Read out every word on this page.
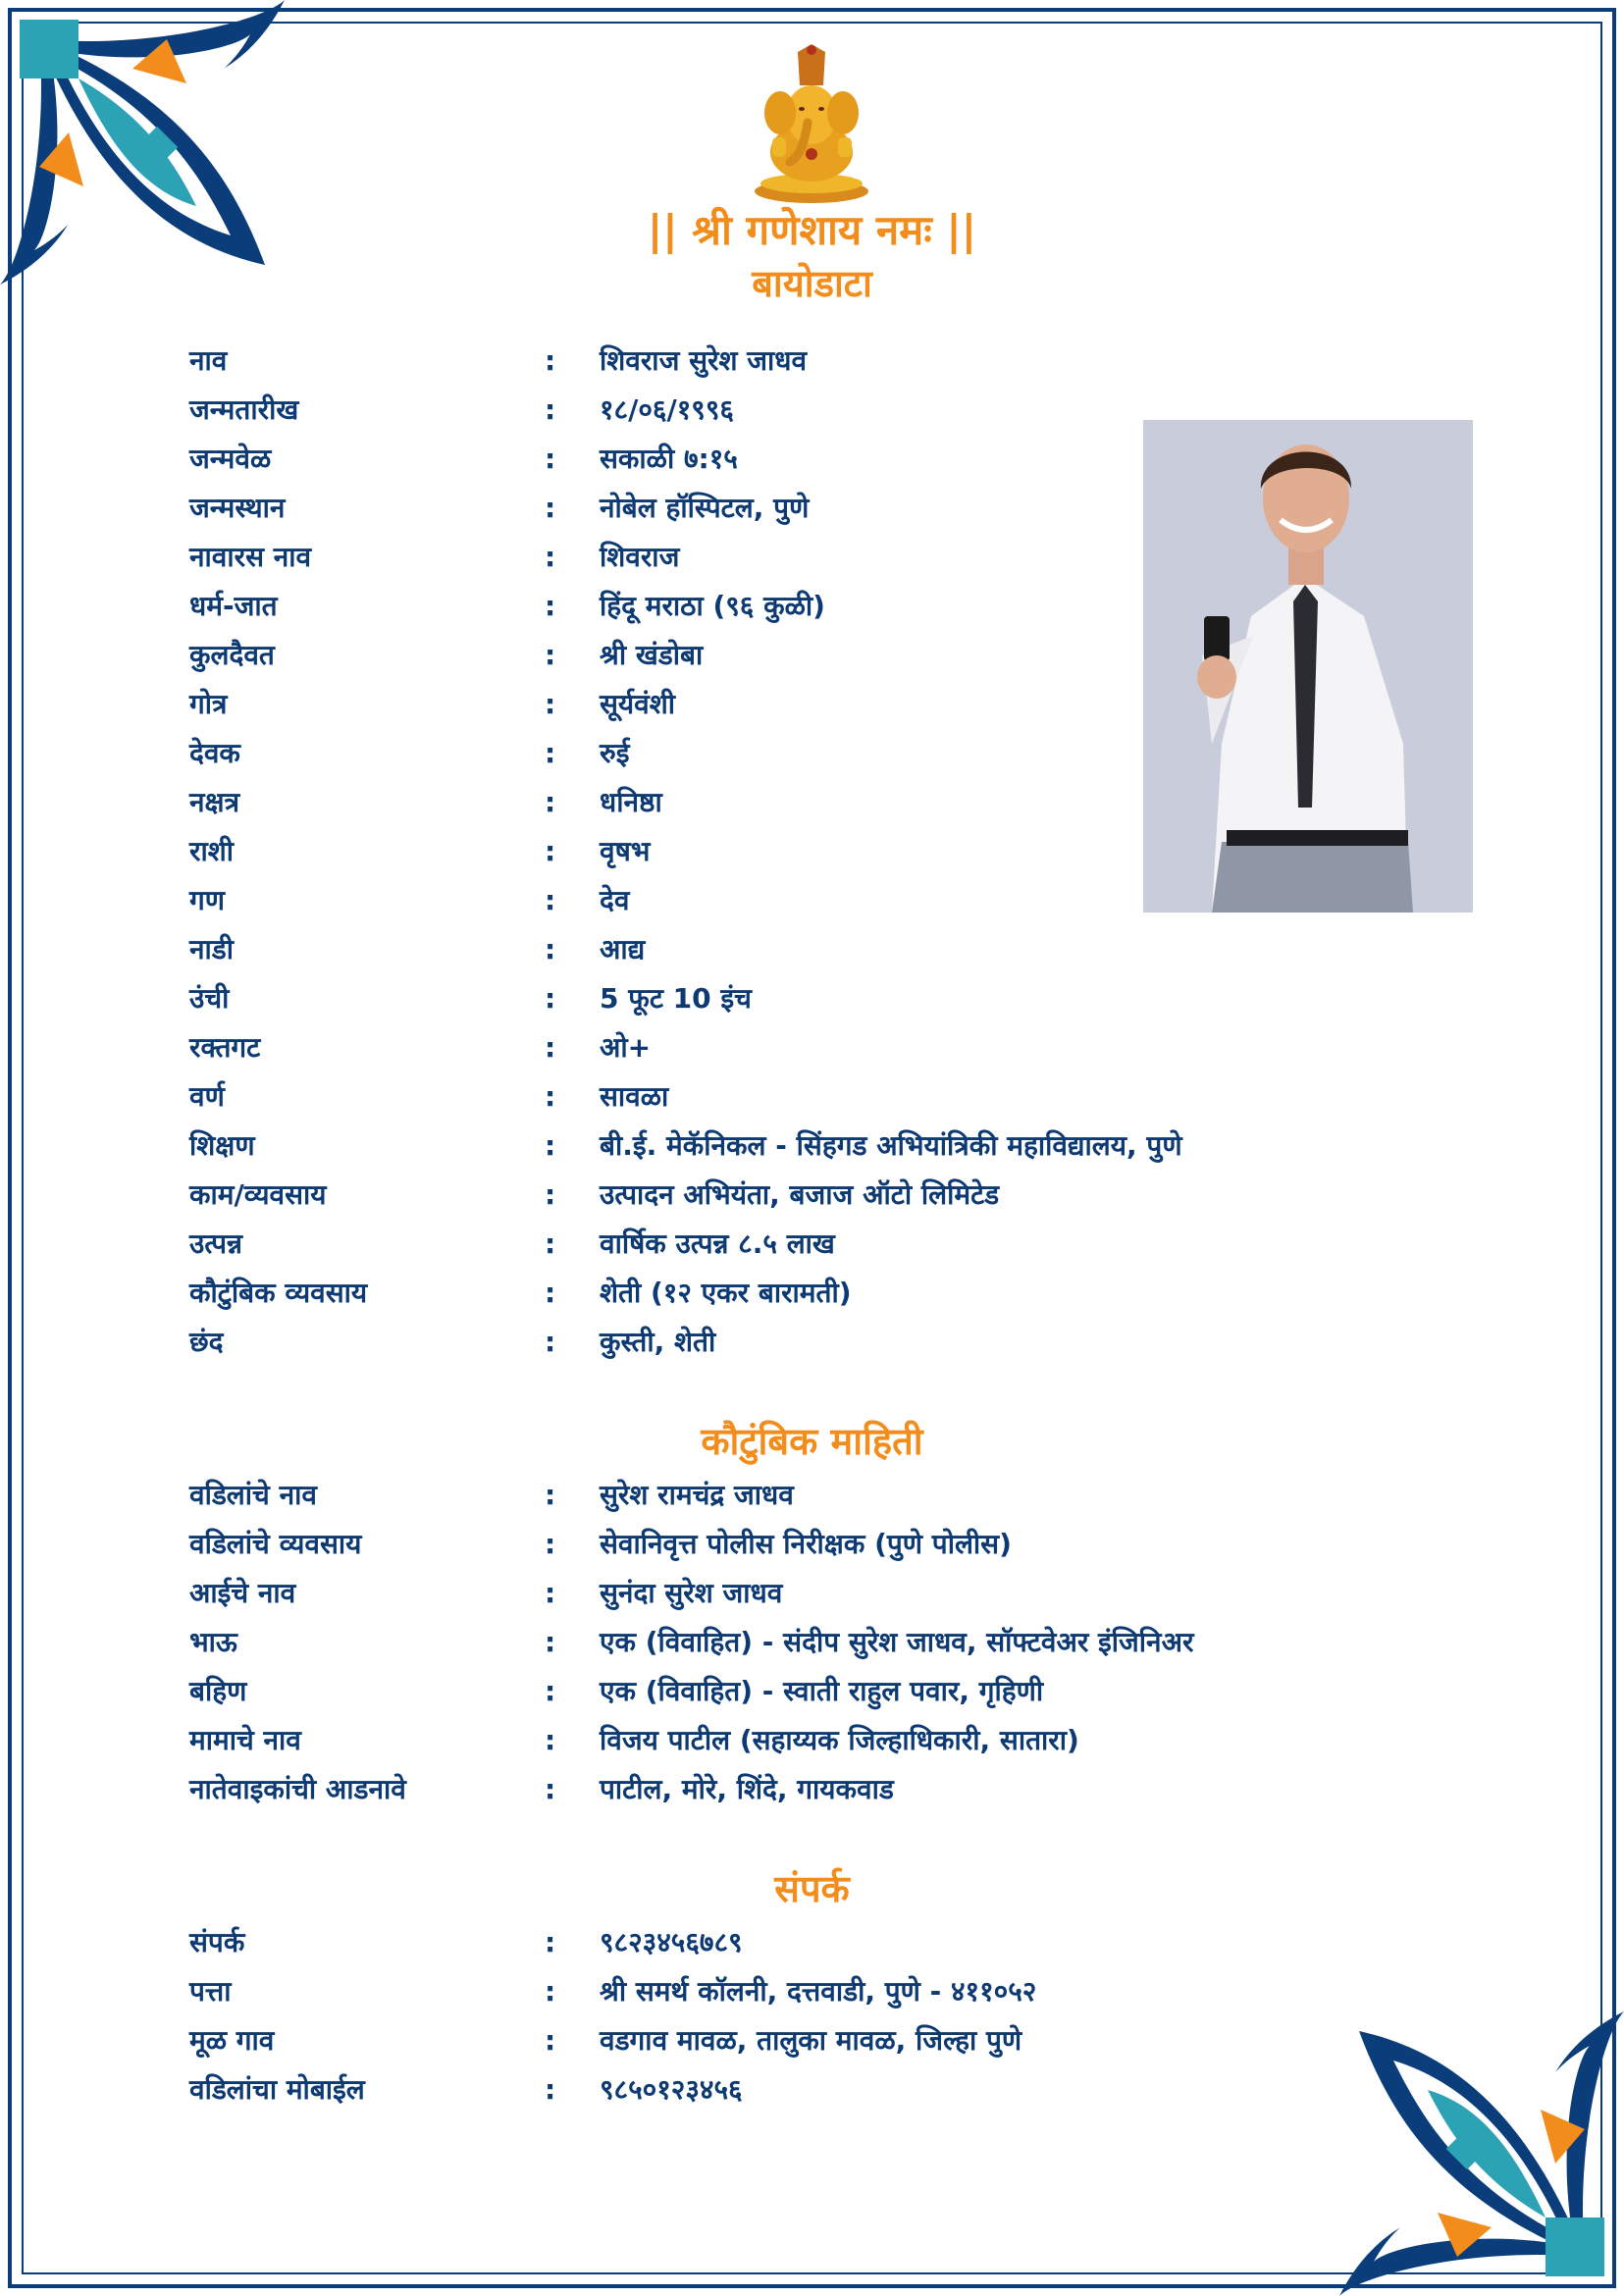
|| श्री गणेशाय नमः ||
बायोडाटा
नाव	: शिवराज सुरेश जाधव
जन्मतारीख	: १८/०६/१९९६
जन्मवेळ	: सकाळी ७:१५
जन्मस्थान	: नोबेल हॉस्पिटल, पुणे
नावारस नाव	: शिवराज
धर्म-जात	: हिंदू मराठा (९६ कुळी)
कुलदैवत	: श्री खंडोबा
गोत्र	: सूर्यवंशी
देवक	: रुई
नक्षत्र	: धनिष्ठा
राशी	: वृषभ
गण	: देव
नाडी	: आद्य
उंची	: 5 फूट 10 इंच
रक्तगट	: ओ+
वर्ण	: सावळा
शिक्षण	: बी.ई. मेकॅनिकल - सिंहगड अभियांत्रिकी महाविद्यालय, पुणे
काम/व्यवसाय	: उत्पादन अभियंता, बजाज ऑटो लिमिटेड
उत्पन्न	: वार्षिक उत्पन्न ८.५ लाख
कौटुंबिक व्यवसाय	: शेती (१२ एकर बारामती)
छंद	: कुस्ती, शेती
कौटुंबिक माहिती
वडिलांचे नाव	: सुरेश रामचंद्र जाधव
वडिलांचे व्यवसाय	: सेवानिवृत्त पोलीस निरीक्षक (पुणे पोलीस)
आईचे नाव	: सुनंदा सुरेश जाधव
भाऊ	: एक (विवाहित) - संदीप सुरेश जाधव, सॉफ्टवेअर इंजिनिअर
बहिण	: एक (विवाहित) - स्वाती राहुल पवार, गृहिणी
मामाचे नाव	: विजय पाटील (सहाय्यक जिल्हाधिकारी, सातारा)
नातेवाइकांची आडनावे	: पाटील, मोरे, शिंदे, गायकवाड
संपर्क
संपर्क	: ९८२३४५६७८९
पत्ता	: श्री समर्थ कॉलनी, दत्तवाडी, पुणे - ४११०५२
मूळ गाव	: वडगाव मावळ, तालुका मावळ, जिल्हा पुणे
वडिलांचा मोबाईल	: ९८५०१२३४५६
